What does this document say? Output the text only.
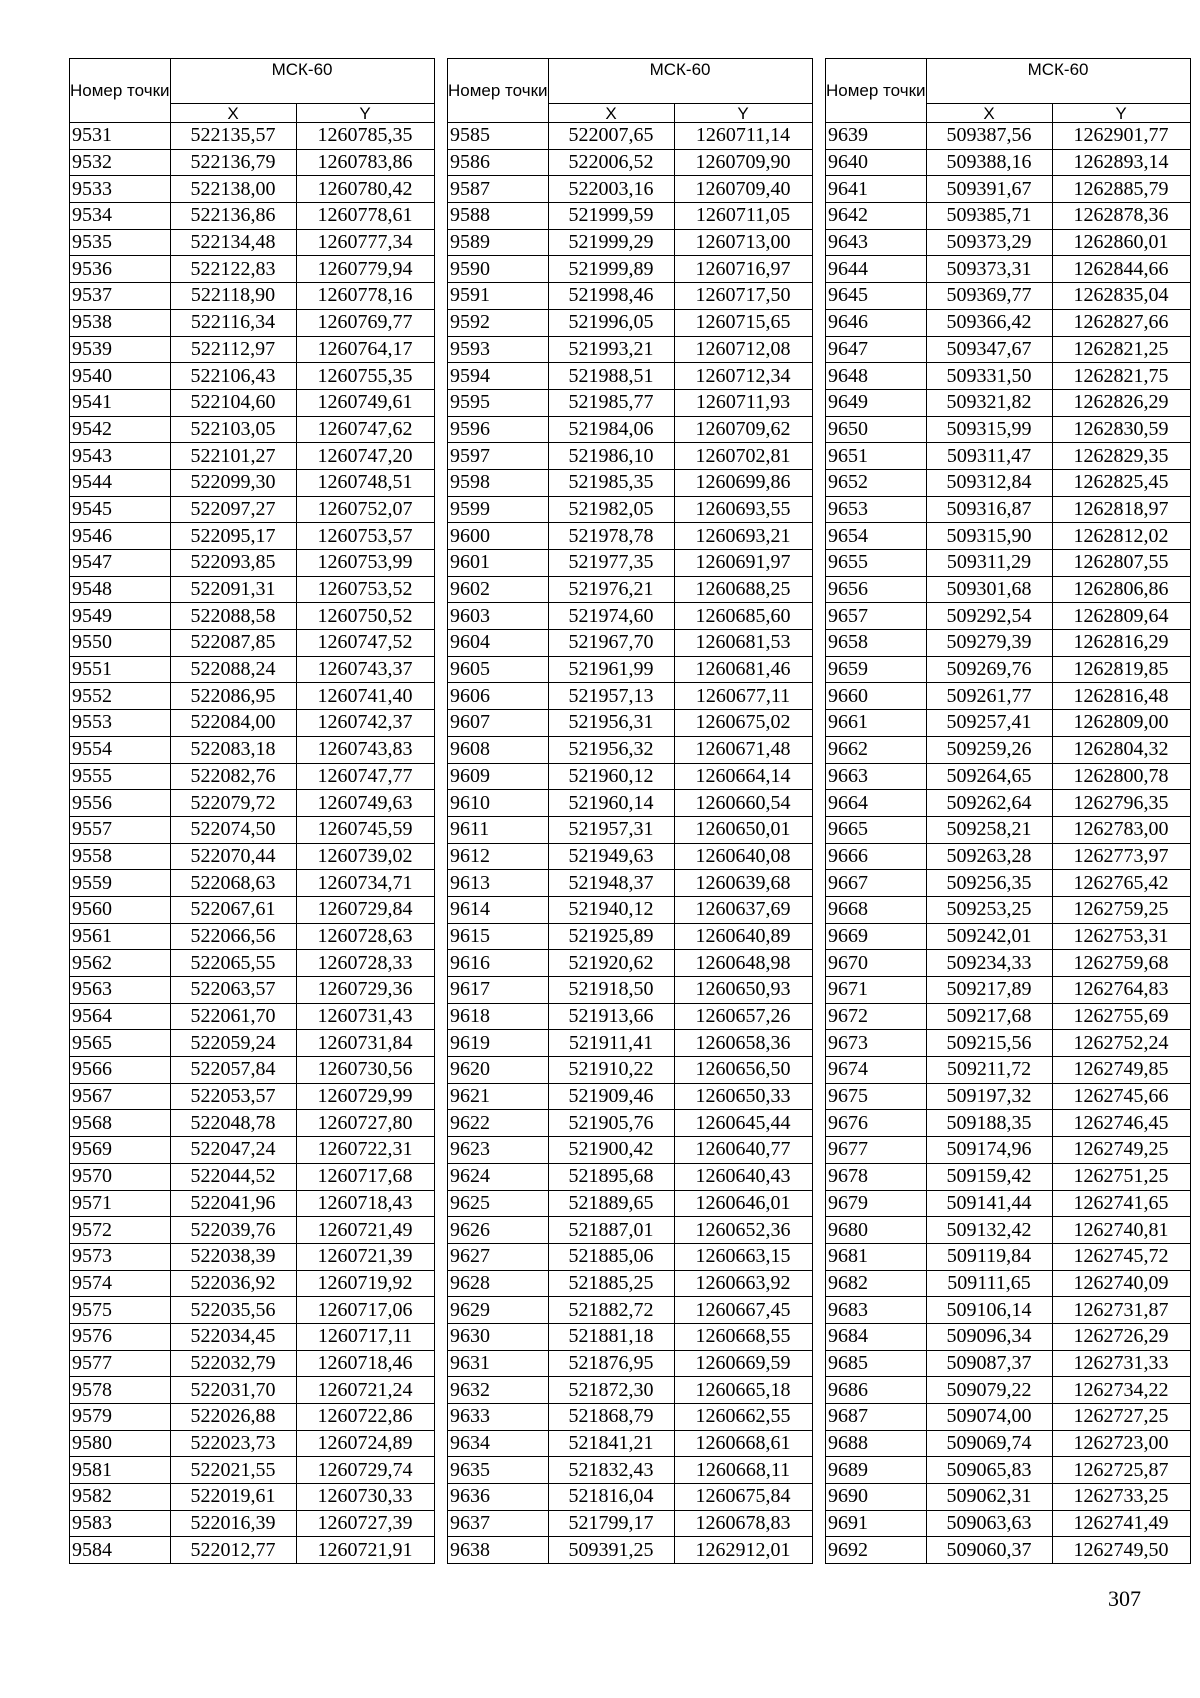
Номер точки	МСК-60	
	X	Y
9531	522135,57	1260785,35
9532	522136,79	1260783,86
9533	522138,00	1260780,42
9534	522136,86	1260778,61
9535	522134,48	1260777,34
9536	522122,83	1260779,94
9537	522118,90	1260778,16
9538	522116,34	1260769,77
9539	522112,97	1260764,17
9540	522106,43	1260755,35
9541	522104,60	1260749,61
9542	522103,05	1260747,62
9543	522101,27	1260747,20
9544	522099,30	1260748,51
9545	522097,27	1260752,07
9546	522095,17	1260753,57
9547	522093,85	1260753,99
9548	522091,31	1260753,52
9549	522088,58	1260750,52
9550	522087,85	1260747,52
9551	522088,24	1260743,37
9552	522086,95	1260741,40
9553	522084,00	1260742,37
9554	522083,18	1260743,83
9555	522082,76	1260747,77
9556	522079,72	1260749,63
9557	522074,50	1260745,59
9558	522070,44	1260739,02
9559	522068,63	1260734,71
9560	522067,61	1260729,84
9561	522066,56	1260728,63
9562	522065,55	1260728,33
9563	522063,57	1260729,36
9564	522061,70	1260731,43
9565	522059,24	1260731,84
9566	522057,84	1260730,56
9567	522053,57	1260729,99
9568	522048,78	1260727,80
9569	522047,24	1260722,31
9570	522044,52	1260717,68
9571	522041,96	1260718,43
9572	522039,76	1260721,49
9573	522038,39	1260721,39
9574	522036,92	1260719,92
9575	522035,56	1260717,06
9576	522034,45	1260717,11
9577	522032,79	1260718,46
9578	522031,70	1260721,24
9579	522026,88	1260722,86
9580	522023,73	1260724,89
9581	522021,55	1260729,74
9582	522019,61	1260730,33
9583	522016,39	1260727,39
9584	522012,77	1260721,91
Номер точки	МСК-60	
	X	Y
9585	522007,65	1260711,14
9586	522006,52	1260709,90
9587	522003,16	1260709,40
9588	521999,59	1260711,05
9589	521999,29	1260713,00
9590	521999,89	1260716,97
9591	521998,46	1260717,50
9592	521996,05	1260715,65
9593	521993,21	1260712,08
9594	521988,51	1260712,34
9595	521985,77	1260711,93
9596	521984,06	1260709,62
9597	521986,10	1260702,81
9598	521985,35	1260699,86
9599	521982,05	1260693,55
9600	521978,78	1260693,21
9601	521977,35	1260691,97
9602	521976,21	1260688,25
9603	521974,60	1260685,60
9604	521967,70	1260681,53
9605	521961,99	1260681,46
9606	521957,13	1260677,11
9607	521956,31	1260675,02
9608	521956,32	1260671,48
9609	521960,12	1260664,14
9610	521960,14	1260660,54
9611	521957,31	1260650,01
9612	521949,63	1260640,08
9613	521948,37	1260639,68
9614	521940,12	1260637,69
9615	521925,89	1260640,89
9616	521920,62	1260648,98
9617	521918,50	1260650,93
9618	521913,66	1260657,26
9619	521911,41	1260658,36
9620	521910,22	1260656,50
9621	521909,46	1260650,33
9622	521905,76	1260645,44
9623	521900,42	1260640,77
9624	521895,68	1260640,43
9625	521889,65	1260646,01
9626	521887,01	1260652,36
9627	521885,06	1260663,15
9628	521885,25	1260663,92
9629	521882,72	1260667,45
9630	521881,18	1260668,55
9631	521876,95	1260669,59
9632	521872,30	1260665,18
9633	521868,79	1260662,55
9634	521841,21	1260668,61
9635	521832,43	1260668,11
9636	521816,04	1260675,84
9637	521799,17	1260678,83
9638	509391,25	1262912,01
Номер точки	МСК-60	
	X	Y
9639	509387,56	1262901,77
9640	509388,16	1262893,14
9641	509391,67	1262885,79
9642	509385,71	1262878,36
9643	509373,29	1262860,01
9644	509373,31	1262844,66
9645	509369,77	1262835,04
9646	509366,42	1262827,66
9647	509347,67	1262821,25
9648	509331,50	1262821,75
9649	509321,82	1262826,29
9650	509315,99	1262830,59
9651	509311,47	1262829,35
9652	509312,84	1262825,45
9653	509316,87	1262818,97
9654	509315,90	1262812,02
9655	509311,29	1262807,55
9656	509301,68	1262806,86
9657	509292,54	1262809,64
9658	509279,39	1262816,29
9659	509269,76	1262819,85
9660	509261,77	1262816,48
9661	509257,41	1262809,00
9662	509259,26	1262804,32
9663	509264,65	1262800,78
9664	509262,64	1262796,35
9665	509258,21	1262783,00
9666	509263,28	1262773,97
9667	509256,35	1262765,42
9668	509253,25	1262759,25
9669	509242,01	1262753,31
9670	509234,33	1262759,68
9671	509217,89	1262764,83
9672	509217,68	1262755,69
9673	509215,56	1262752,24
9674	509211,72	1262749,85
9675	509197,32	1262745,66
9676	509188,35	1262746,45
9677	509174,96	1262749,25
9678	509159,42	1262751,25
9679	509141,44	1262741,65
9680	509132,42	1262740,81
9681	509119,84	1262745,72
9682	509111,65	1262740,09
9683	509106,14	1262731,87
9684	509096,34	1262726,29
9685	509087,37	1262731,33
9686	509079,22	1262734,22
9687	509074,00	1262727,25
9688	509069,74	1262723,00
9689	509065,83	1262725,87
9690	509062,31	1262733,25
9691	509063,63	1262741,49
9692	509060,37	1262749,50
307
